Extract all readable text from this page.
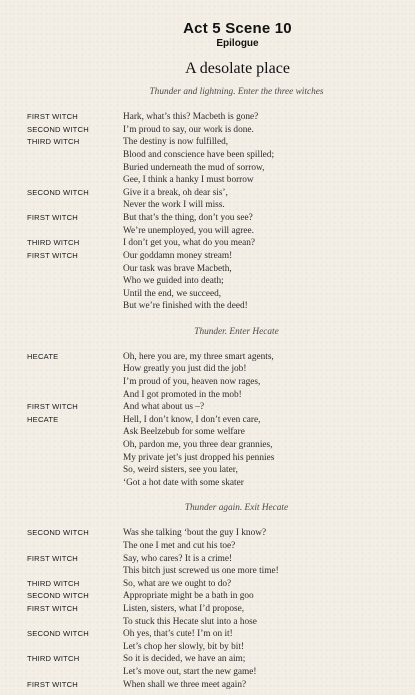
Act 5 Scene 10
Epilogue
A desolate place
Thunder and lightning. Enter the three witches
FIRST WITCH	Hark, what’s this? Macbeth is gone?
SECOND WITCH	I’m proud to say, our work is done.
THIRD WITCH	The destiny is now fulfilled,
Blood and conscience have been spilled;
Buried underneath the mud of sorrow,
Gee, I think a hanky I must borrow
SECOND WITCH	Give it a break, oh dear sis’,
Never the work I will miss.
FIRST WITCH	But that’s the thing, don’t you see?
We’re unemployed, you will agree.
THIRD WITCH	I don’t get you, what do you mean?
FIRST WITCH	Our goddamn money stream!
Our task was brave Macbeth,
Who we guided into death;
Until the end, we succeed,
But we’re finished with the deed!
Thunder. Enter Hecate
HECATE	Oh, here you are, my three smart agents,
How greatly you just did the job!
I’m proud of you, heaven now rages,
And I got promoted in the mob!
FIRST WITCH	And what about us –?
HECATE	Hell, I don’t know, I don’t even care,
Ask Beelzebub for some welfare
Oh, pardon me, you three dear grannies,
My private jet’s just dropped his pennies
So, weird sisters, see you later,
‘Got a hot date with some skater
Thunder again. Exit Hecate
SECOND WITCH	Was she talking ‘bout the guy I know?
The one I met and cut his toe?
FIRST WITCH	Say, who cares? It is a crime!
This bitch just screwed us one more time!
THIRD WITCH	So, what are we ought to do?
SECOND WITCH	Appropriate might be a bath in goo
FIRST WITCH	Listen, sisters, what I’d propose,
To stuck this Hecate slut into a hose
SECOND WITCH	Oh yes, that’s cute! I’m on it!
Let’s chop her slowly, bit by bit!
THIRD WITCH	So it is decided, we have an aim;
Let’s move out, start the new game!
FIRST WITCH	When shall we three meet again?
